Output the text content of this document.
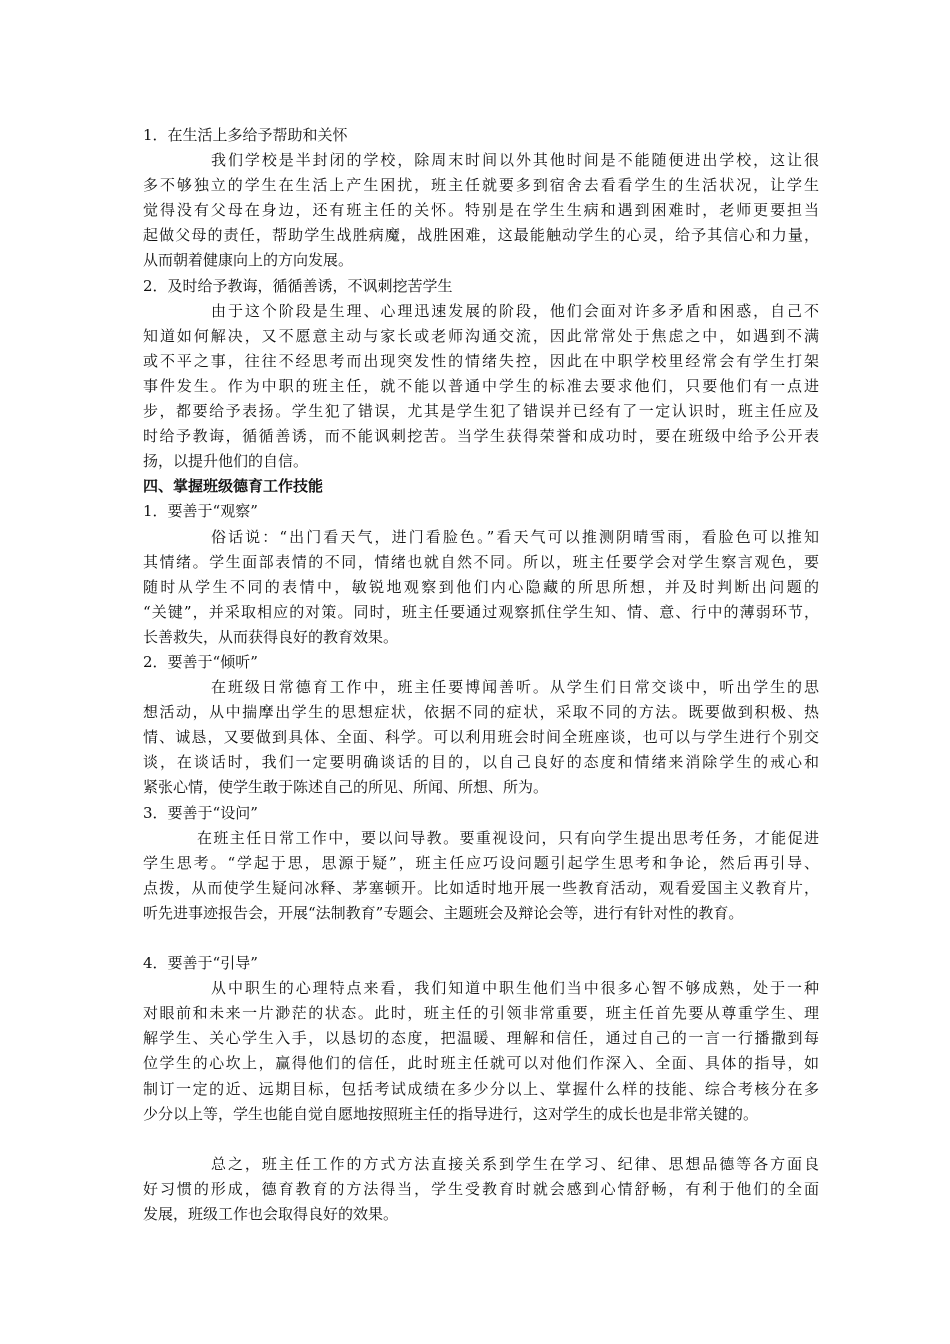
1．在生活上多给予帮助和关怀
我们学校是半封闭的学校，除周末时间以外其他时间是不能随便进出学校，这让很
多不够独立的学生在生活上产生困扰，班主任就要多到宿舍去看看学生的生活状况，让学生
觉得没有父母在身边，还有班主任的关怀。特别是在学生生病和遇到困难时，老师更要担当
起做父母的责任，帮助学生战胜病魔，战胜困难，这最能触动学生的心灵，给予其信心和力量，
从而朝着健康向上的方向发展。
2．及时给予教诲，循循善诱，不讽刺挖苦学生
由于这个阶段是生理、心理迅速发展的阶段，他们会面对许多矛盾和困惑，自己不
知道如何解决，又不愿意主动与家长或老师沟通交流，因此常常处于焦虑之中，如遇到不满
或不平之事，往往不经思考而出现突发性的情绪失控，因此在中职学校里经常会有学生打架
事件发生。作为中职的班主任，就不能以普通中学生的标准去要求他们，只要他们有一点进
步，都要给予表扬。学生犯了错误，尤其是学生犯了错误并已经有了一定认识时，班主任应及
时给予教诲，循循善诱，而不能讽刺挖苦。当学生获得荣誉和成功时，要在班级中给予公开表
扬，以提升他们的自信。
四、掌握班级德育工作技能
1．要善于“观察”
俗话说：“出门看天气，进门看脸色。”看天气可以推测阴晴雪雨，看脸色可以推知
其情绪。学生面部表情的不同，情绪也就自然不同。所以，班主任要学会对学生察言观色，要
随时从学生不同的表情中，敏锐地观察到他们内心隐藏的所思所想，并及时判断出问题的
“关键”，并采取相应的对策。同时，班主任要通过观察抓住学生知、情、意、行中的薄弱环节，
长善救失，从而获得良好的教育效果。
2．要善于“倾听”
在班级日常德育工作中，班主任要博闻善听。从学生们日常交谈中，听出学生的思
想活动，从中揣摩出学生的思想症状，依据不同的症状，采取不同的方法。既要做到积极、热
情、诚恳，又要做到具体、全面、科学。可以利用班会时间全班座谈，也可以与学生进行个别交
谈，在谈话时，我们一定要明确谈话的目的，以自己良好的态度和情绪来消除学生的戒心和
紧张心情，使学生敢于陈述自己的所见、所闻、所想、所为。
3．要善于“设问”
在班主任日常工作中，要以问导教。要重视设问，只有向学生提出思考任务，才能促进
学生思考。“学起于思，思源于疑”，班主任应巧设问题引起学生思考和争论，然后再引导、
点拨，从而使学生疑问冰释、茅塞顿开。比如适时地开展一些教育活动，观看爱国主义教育片，
听先进事迹报告会，开展“法制教育”专题会、主题班会及辩论会等，进行有针对性的教育。
4．要善于“引导”
从中职生的心理特点来看，我们知道中职生他们当中很多心智不够成熟，处于一种
对眼前和未来一片渺茫的状态。此时，班主任的引领非常重要，班主任首先要从尊重学生、理
解学生、关心学生入手，以恳切的态度，把温暖、理解和信任，通过自己的一言一行播撒到每
位学生的心坎上，赢得他们的信任，此时班主任就可以对他们作深入、全面、具体的指导，如
制订一定的近、远期目标，包括考试成绩在多少分以上、掌握什么样的技能、综合考核分在多
少分以上等，学生也能自觉自愿地按照班主任的指导进行，这对学生的成长也是非常关键的。
总之，班主任工作的方式方法直接关系到学生在学习、纪律、思想品德等各方面良
好习惯的形成，德育教育的方法得当，学生受教育时就会感到心情舒畅，有利于他们的全面
发展，班级工作也会取得良好的效果。
